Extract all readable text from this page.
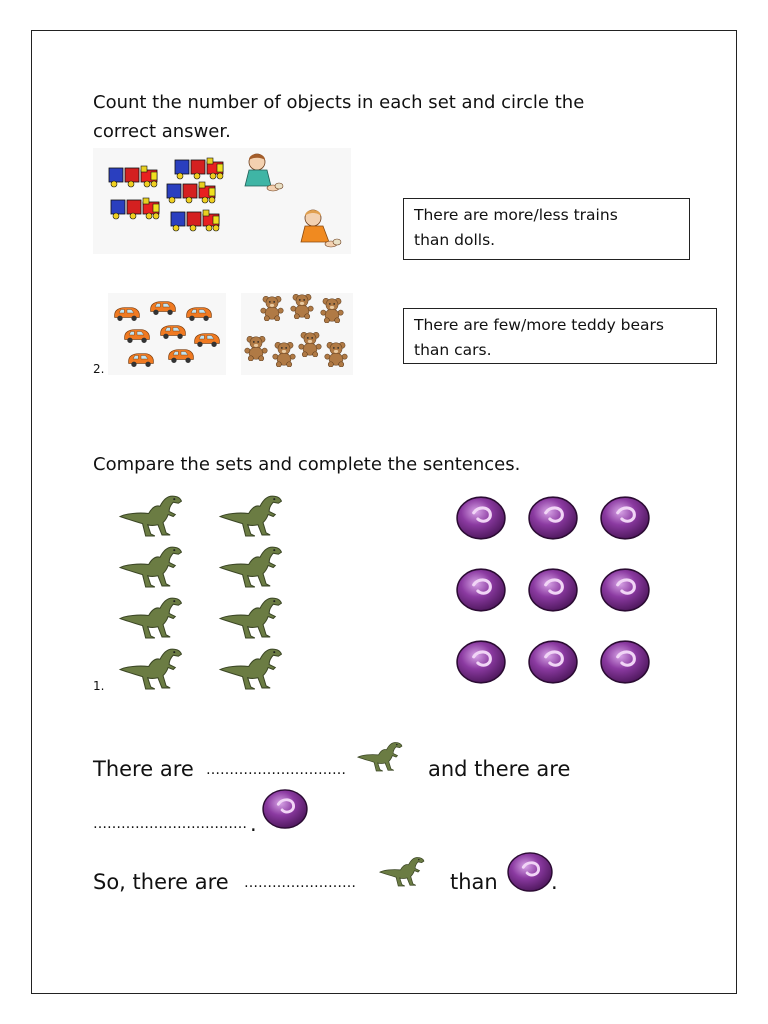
Count the number of objects in each set and circle the
correct answer.
There are more/less trains
than dolls.
2.
There are few/more teddy bears
than cars.
Compare the sets and complete the sentences.
1.
There are …………………………	and there are
…………………………… .
So, there are ……………………	than	.
